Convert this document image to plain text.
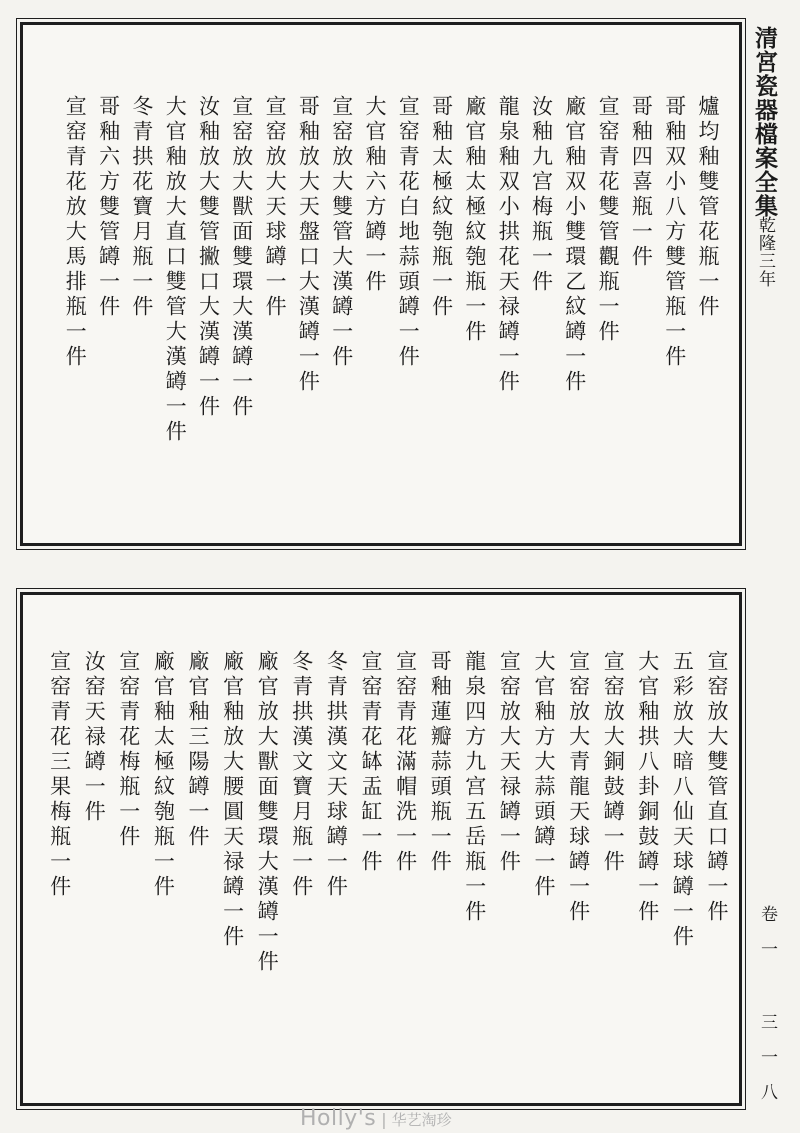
清宮瓷器檔案全集
乾隆三年
卷一 三一八
爐均釉雙管花瓶一件
哥釉双小八方雙管瓶一件
哥釉四喜瓶一件
宣窑青花雙管觀瓶一件
廠官釉双小雙環乙紋罇一件
汝釉九宫梅瓶一件
龍泉釉双小拱花天禄罇一件
廠官釉太極紋匏瓶一件
哥釉太極紋匏瓶一件
宣窑青花白地蒜頭罇一件
大官釉六方罇一件
宣窑放大雙管大漢罇一件
哥釉放大天盤口大漢罇一件
宣窑放大天球罇一件
宣窑放大獸面雙環大漢罇一件
汝釉放大雙管撇口大漢罇一件
大官釉放大直口雙管大漢罇一件
冬青拱花寶月瓶一件
哥釉六方雙管罇一件
宣窑青花放大馬排瓶一件
宣窑放大雙管直口罇一件
五彩放大暗八仙天球罇一件
大官釉拱八卦銅鼓罇一件
宣窑放大銅鼓罇一件
宣窑放大青龍天球罇一件
大官釉方大蒜頭罇一件
宣窑放大天禄罇一件
龍泉四方九宫五岳瓶一件
哥釉蓮瓣蒜頭瓶一件
宣窑青花滿帽洗一件
宣窑青花缽盂缸一件
冬青拱漢文天球罇一件
冬青拱漢文寶月瓶一件
廠官放大獸面雙環大漢罇一件
廠官釉放大腰圓天禄罇一件
廠官釉三陽罇一件
廠官釉太極紋匏瓶一件
宣窑青花梅瓶一件
汝窑天禄罇一件
宣窑青花三果梅瓶一件
Holly's | 华艺淘珍
